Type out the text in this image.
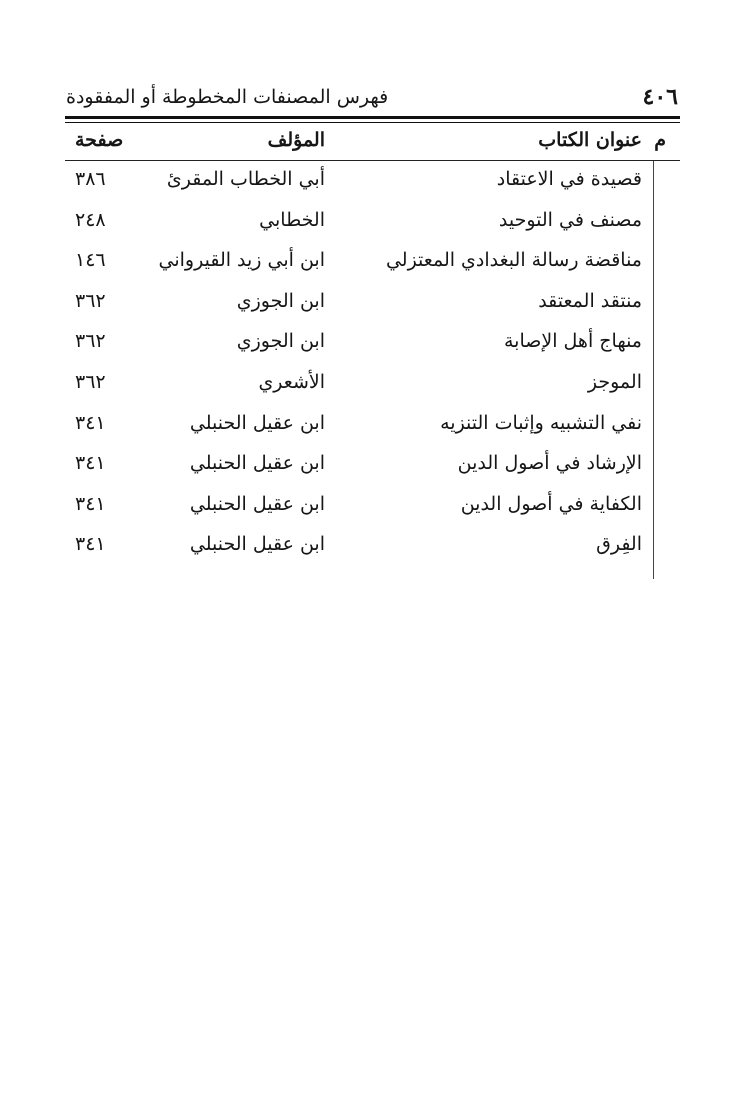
فهرس المصنفات المخطوطة أو المفقودة	٤٠٦
م
عنوان الكتاب
المؤلف
صفحة
قصيدة في الاعتقاد
أبي الخطاب المقرئ
٣٨٦
مصنف في التوحيد
الخطابي
٢٤٨
مناقضة رسالة البغدادي المعتزلي
ابن أبي زيد القيرواني
١٤٦
منتقد المعتقد
ابن الجوزي
٣٦٢
منهاج أهل الإصابة
ابن الجوزي
٣٦٢
الموجز
الأشعري
٣٦٢
نفي التشبيه وإثبات التنزيه
ابن عقيل الحنبلي
٣٤١
الإرشاد في أصول الدين
ابن عقيل الحنبلي
٣٤١
الكفاية في أصول الدين
ابن عقيل الحنبلي
٣٤١
الفِرق
ابن عقيل الحنبلي
٣٤١
